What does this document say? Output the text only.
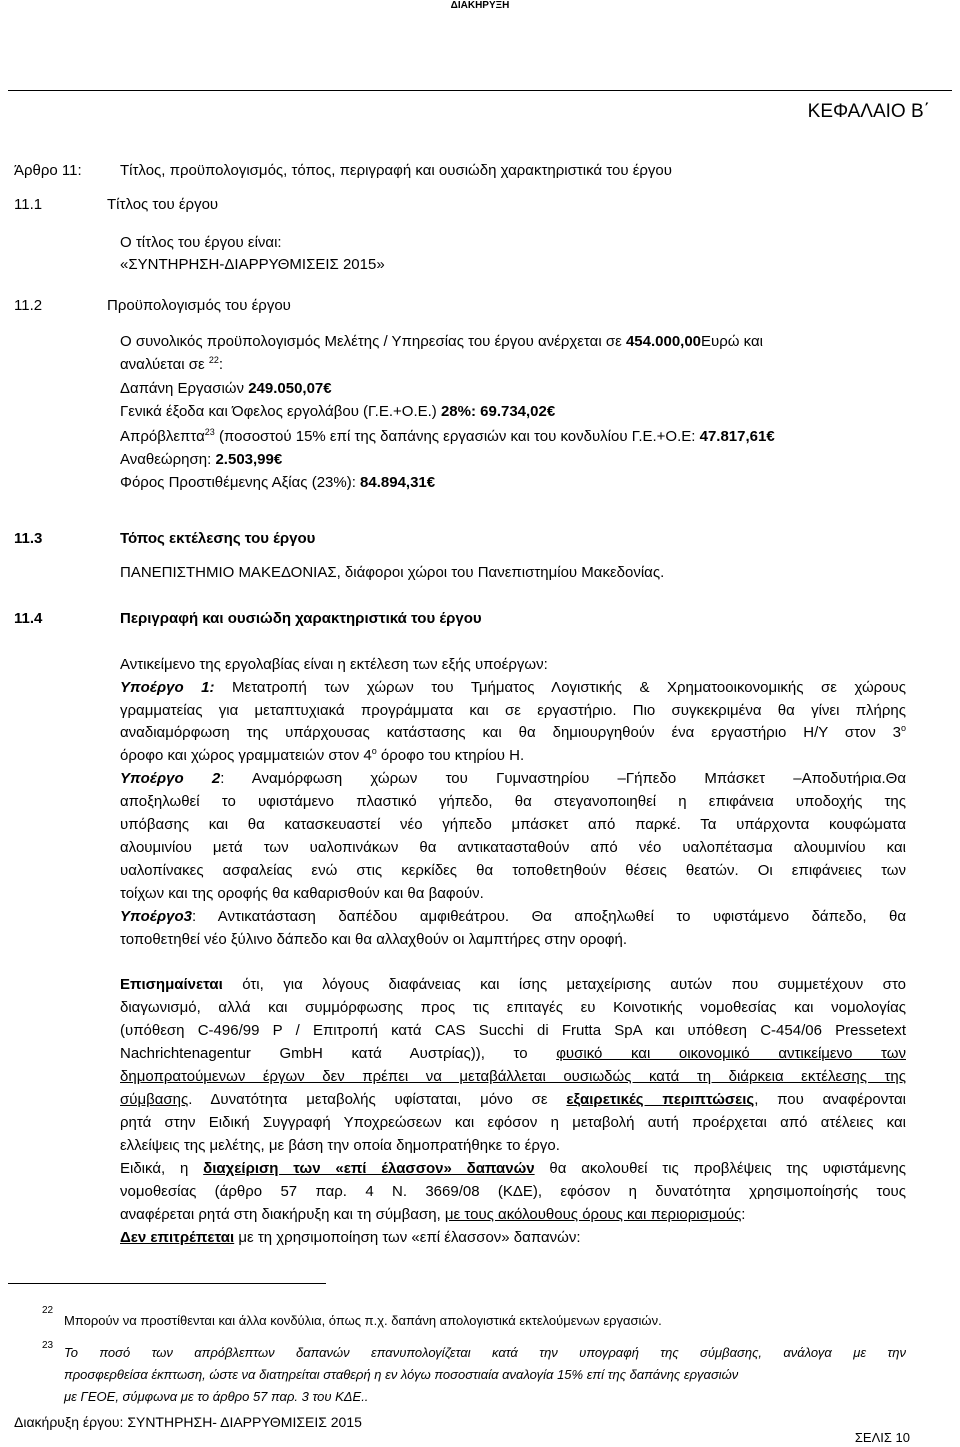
ΔΙΑΚΗΡΥΞΗ
ΚΕΦΑΛΑΙΟ Β΄
Άρθρο 11:	Τίτλος, προϋπολογισμός, τόπος, περιγραφή και ουσιώδη χαρακτηριστικά του έργου
11.1	Τίτλος του έργου
Ο τίτλος του έργου είναι:
«ΣΥΝΤΗΡΗΣΗ-ΔΙΑΡΡΥΘΜΙΣΕΙΣ 2015»
11.2	Προϋπολογισμός του έργου
Ο συνολικός προϋπολογισμός Μελέτης / Υπηρεσίας του έργου ανέρχεται σε 454.000,00Ευρώ και
αναλύεται σε $^{22}$:
Δαπάνη Εργασιών 249.050,07€
Γενικά έξοδα και Όφελος εργολάβου (Γ.Ε.+Ο.Ε.) 28%: 69.734,02€
Απρόβλεπτα$^{23}$ (ποσοστού 15% επί της δαπάνης εργασιών και του κονδυλίου Γ.Ε.+Ο.Ε: 47.817,61€
Αναθεώρηση: 2.503,99€
Φόρος Προστιθέμενης Αξίας (23%): 84.894,31€
11.3	Τόπος εκτέλεσης του έργου
ΠΑΝΕΠΙΣΤΗΜΙΟ ΜΑΚΕΔΟΝΙΑΣ, διάφοροι χώροι του Πανεπιστημίου Μακεδονίας.
11.4	Περιγραφή και ουσιώδη χαρακτηριστικά του έργου
Αντικείμενο της εργολαβίας είναι η εκτέλεση των εξής υποέργων:
Υποέργο 1: Μετατροπή των χώρων του Τμήματος Λογιστικής & Χρηματοοικονομικής σε χώρους
γραμματείας για μεταπτυχιακά προγράμματα και σε εργαστήριο. Πιο συγκεκριμένα θα γίνει πλήρης
αναδιαμόρφωση της υπάρχουσας κατάστασης και θα δημιουργηθούν ένα εργαστήριο Η/Υ στον $3^o$
όροφο και χώρος γραμματειών στον $4^o$ όροφο του κτηρίου Η.
Υποέργο 2: Αναμόρφωση χώρων του Γυμναστηρίου –Γήπεδο Μπάσκετ –Αποδυτήρια.Θα
αποξηλωθεί το υφιστάμενο πλαστικό γήπεδο, θα στεγανοποιηθεί η επιφάνεια υποδοχής της
υπόβασης και θα κατασκευαστεί νέο γήπεδο μπάσκετ από παρκέ. Τα υπάρχοντα κουφώματα
αλουμινίου μετά των υαλοπινάκων θα αντικατασταθούν από νέο υαλοπέτασμα αλουμινίου και
υαλοπίνακες ασφαλείας ενώ στις κερκίδες θα τοποθετηθούν θέσεις θεατών. Οι επιφάνειες των
τοίχων και της οροφής θα καθαρισθούν και θα βαφούν.
Υποέργο3: Αντικατάσταση δαπέδου αμφιθεάτρου. Θα αποξηλωθεί το υφιστάμενο δάπεδο, θα
τοποθετηθεί νέο ξύλινο δάπεδο και θα αλλαχθούν οι λαμπτήρες στην οροφή.
Επισημαίνεται ότι, για λόγους διαφάνειας και ίσης μεταχείρισης αυτών που συμμετέχουν στο
διαγωνισμό, αλλά και συμμόρφωσης προς τις επιταγές ευ Κοινοτικής νομοθεσίας και νομολογίας
(υπόθεση C-496/99 P / Επιτροπή κατά CAS Succhi di Frutta SpA και υπόθεση C-454/06 Pressetext
Nachrichtenagentur GmbH κατά Αυστρίας)), το φυσικό και οικονομικό αντικείμενο των
δημοπρατούμενων έργων δεν πρέπει να μεταβάλλεται ουσιωδώς κατά τη διάρκεια εκτέλεσης της
σύμβασης. Δυνατότητα μεταβολής υφίσταται, μόνο σε εξαιρετικές περιπτώσεις, που αναφέρονται
ρητά στην Ειδική Συγγραφή Υποχρεώσεων και εφόσον η μεταβολή αυτή προέρχεται από ατέλειες και
ελλείψεις της μελέτης, με βάση την οποία δημοπρατήθηκε το έργο.
Ειδικά, η διαχείριση των «επί έλασσον» δαπανών θα ακολουθεί τις προβλέψεις της υφιστάμενης
νομοθεσίας (άρθρο 57 παρ. 4 Ν. 3669/08 (ΚΔΕ), εφόσον η δυνατότητα χρησιμοποίησής τους
αναφέρεται ρητά στη διακήρυξη και τη σύμβαση, με τους ακόλουθους όρους και περιορισμούς:
Δεν επιτρέπεται με τη χρησιμοποίηση των «επί έλασσον» δαπανών:
22
Μπορούν να προστίθενται και άλλα κονδύλια, όπως π.χ. δαπάνη απολογιστικά εκτελούμενων εργασιών.
23 Το ποσό των απρόβλεπτων δαπανών επανυπολογίζεται κατά την υπογραφή της σύμβασης, ανάλογα με την
προσφερθείσα έκπτωση, ώστε να διατηρείται σταθερή η εν λόγω ποσοστιαία αναλογία 15% επί της δαπάνης εργασιών
με ΓΕΟΕ, σύμφωνα με το άρθρο 57 παρ. 3 του ΚΔΕ..
Διακήρυξη έργου: ΣΥΝΤΗΡΗΣΗ- ΔΙΑΡΡΥΘΜΙΣΕΙΣ 2015
ΣΕΛΙΣ 10
